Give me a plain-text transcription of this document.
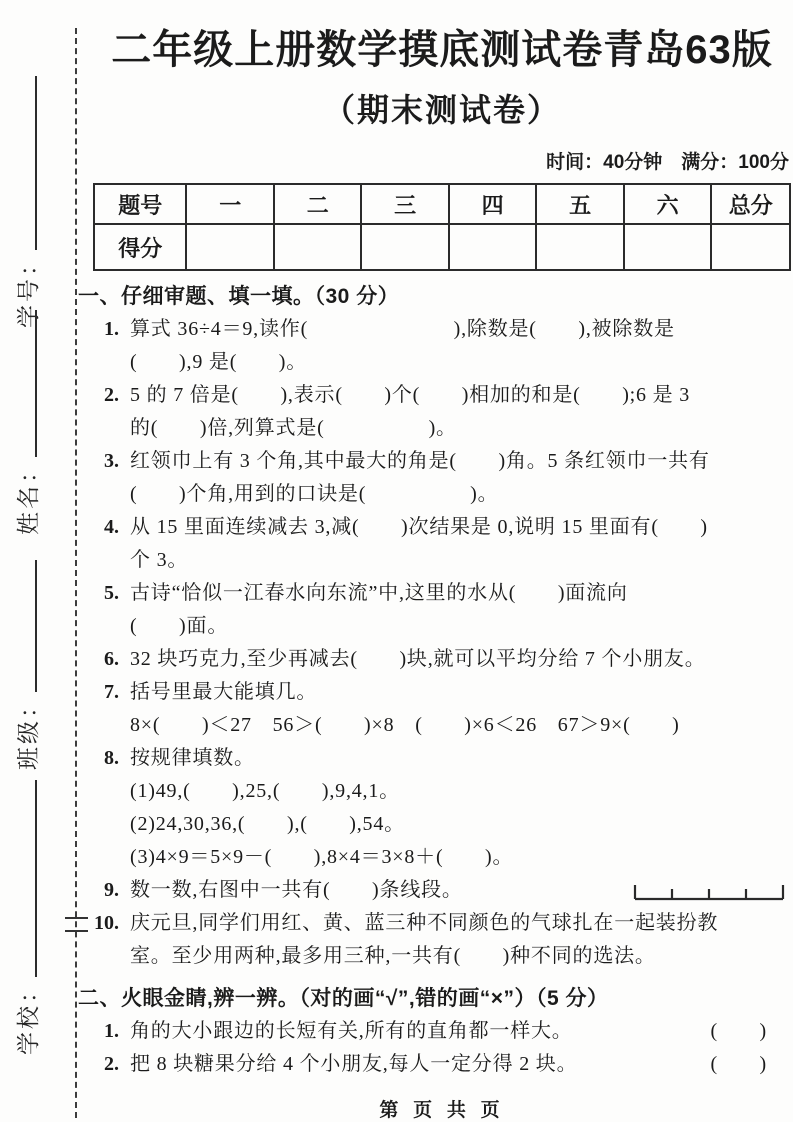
学号：
姓名：
班级：
学校：
二年级上册数学摸底测试卷青岛63版
（期末测试卷）
时间：40分钟　满分：100分
题号	一	二	三	四	五	六	总分
得分							
一、仔细审题、填一填。（30 分）
1. 算式 36÷4＝9,读作(　　　　　　　),除数是(　　),被除数是
(　　),9 是(　　)。
2. 5 的 7 倍是(　　),表示(　　)个(　　)相加的和是(　　);6 是 3
的(　　)倍,列算式是(　　　　　)。
3. 红领巾上有 3 个角,其中最大的角是(　　)角。5 条红领巾一共有
(　　)个角,用到的口诀是(　　　　　)。
4. 从 15 里面连续减去 3,减(　　)次结果是 0,说明 15 里面有(　　)
个 3。
5. 古诗“恰似一江春水向东流”中,这里的水从(　　)面流向
(　　)面。
6. 32 块巧克力,至少再减去(　　)块,就可以平均分给 7 个小朋友。
7. 括号里最大能填几。
8×(　　)＜27　56＞(　　)×8　(　　)×6＜26　67＞9×(　　)
8. 按规律填数。
(1)49,(　　),25,(　　),9,4,1。
(2)24,30,36,(　　),(　　),54。
(3)4×9＝5×9－(　　),8×4＝3×8＋(　　)。
9. 数一数,右图中一共有(　　)条线段。
10. 庆元旦,同学们用红、黄、蓝三种不同颜色的气球扎在一起装扮教
室。至少用两种,最多用三种,一共有(　　)种不同的选法。
二、火眼金睛,辨一辨。（对的画“√”,错的画“×”）（5 分）
1. 角的大小跟边的长短有关,所有的直角都一样大。	(　　)
2. 把 8 块糖果分给 4 个小朋友,每人一定分得 2 块。	(　　)
第 页 共 页
